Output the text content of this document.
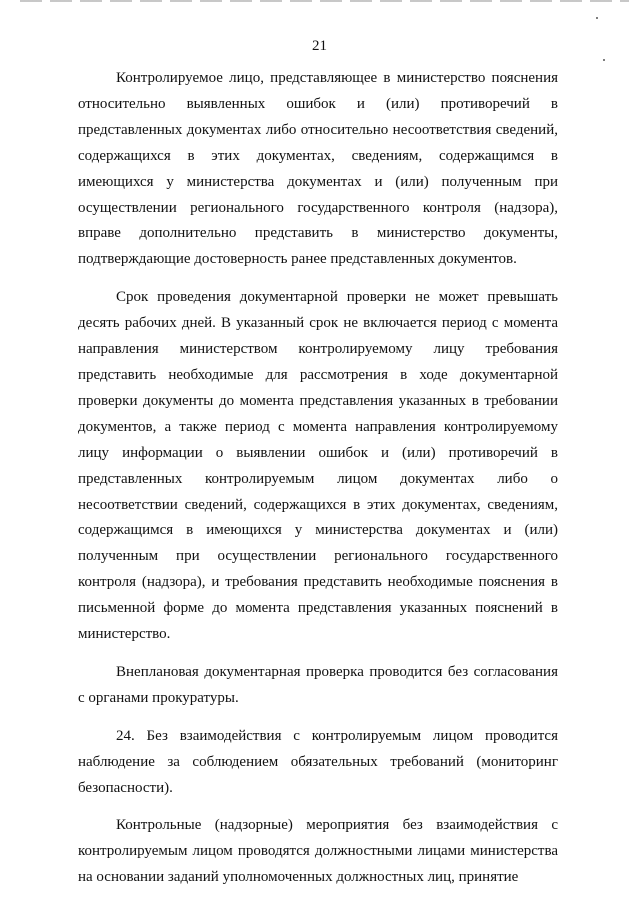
21

Контролируемое лицо, представляющее в министерство пояснения относительно выявленных ошибок и (или) противоречий в представленных документах либо относительно несоответствия сведений, содержащихся в этих документах, сведениям, содержащимся в имеющихся у министерства документах и (или) полученным при осуществлении регионального государственного контроля (надзора), вправе дополнительно представить в министерство документы, подтверждающие достоверность ранее представленных документов.

Срок проведения документарной проверки не может превышать десять рабочих дней. В указанный срок не включается период с момента направления министерством контролируемому лицу требования представить необходимые для рассмотрения в ходе документарной проверки документы до момента представления указанных в требовании документов, а также период с момента направления контролируемому лицу информации о выявлении ошибок и (или) противоречий в представленных контролируемым лицом документах либо о несоответствии сведений, содержащихся в этих документах, сведениям, содержащимся в имеющихся у министерства документах и (или) полученным при осуществлении регионального государственного контроля (надзора), и требования представить необходимые пояснения в письменной форме до момента представления указанных пояснений в министерство.

Внеплановая документарная проверка проводится без согласования с органами прокуратуры.

24. Без взаимодействия с контролируемым лицом проводится наблюдение за соблюдением обязательных требований (мониторинг безопасности).

Контрольные (надзорные) мероприятия без взаимодействия с контролируемым лицом проводятся должностными лицами министерства на основании заданий уполномоченных должностных лиц, принятие
